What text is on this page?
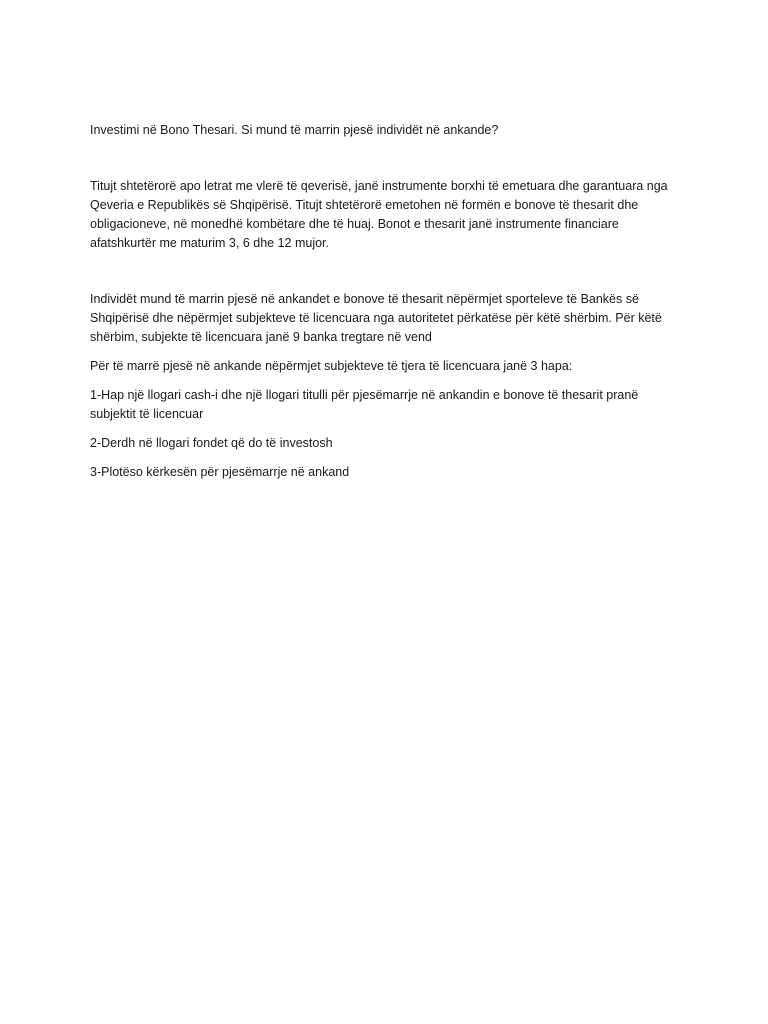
Investimi në Bono Thesari. Si mund të marrin pjesë individët në ankande?

Titujt shtetërorë apo letrat me vlerë të qeverisë, janë instrumente borxhi të emetuara dhe garantuara nga Qeveria e Republikës së Shqipërisë. Titujt shtetërorë emetohen në formën e bonove të thesarit dhe obligacioneve, në monedhë kombëtare dhe të huaj. Bonot e thesarit janë instrumente financiare afatshkurtër me maturim 3, 6 dhe 12 mujor.

Individët mund të marrin pjesë në ankandet e bonove të thesarit nëpërmjet sporteleve të Bankës së Shqipërisë dhe nëpërmjet subjekteve të licencuara nga autoritetet përkatëse për këtë shërbim. Për këtë shërbim, subjekte të licencuara janë 9 banka tregtare në vend

Për të marrë pjesë në ankande nëpërmjet subjekteve të tjera të licencuara janë 3 hapa:

1-Hap një llogari cash-i dhe një llogari titulli për pjesëmarrje në ankandin e bonove të thesarit pranë subjektit të licencuar

2-Derdh në llogari fondet që do të investosh

3-Plotëso kërkesën për pjesëmarrje në ankand
